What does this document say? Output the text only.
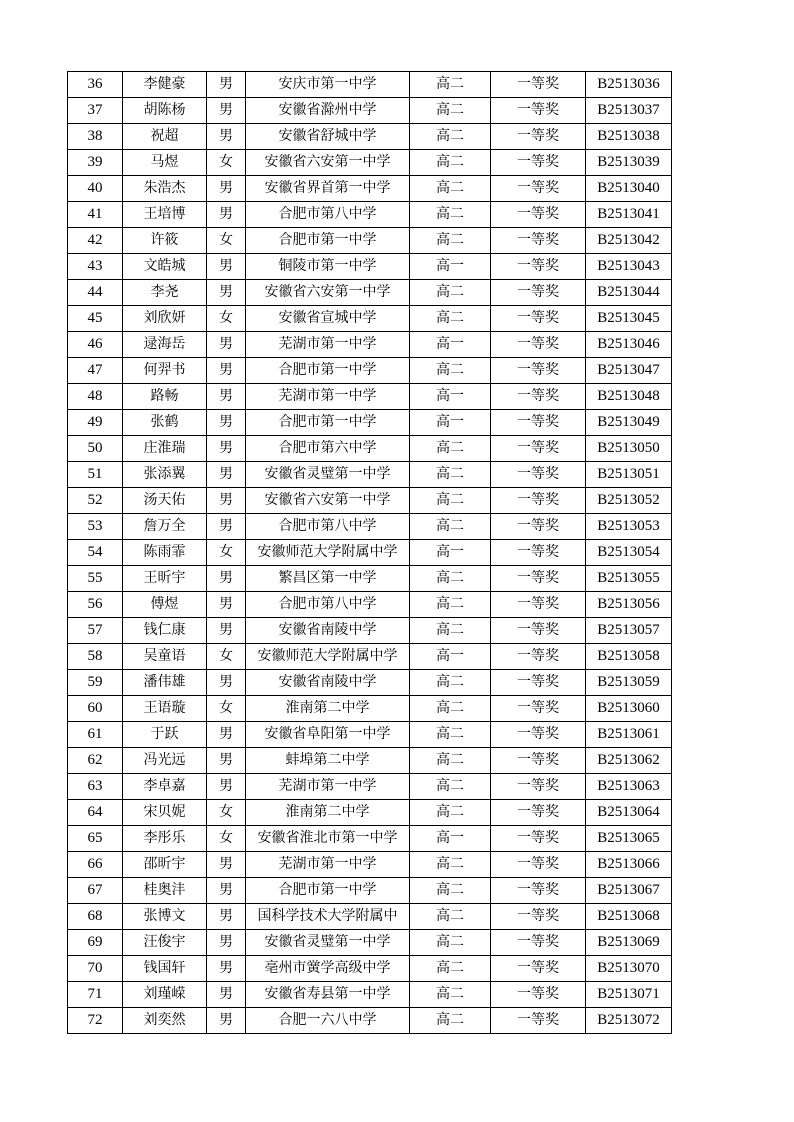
36	李健豪	男	安庆市第一中学	高二	一等奖	B2513036
37	胡陈杨	男	安徽省滁州中学	高二	一等奖	B2513037
38	祝超	男	安徽省舒城中学	高二	一等奖	B2513038
39	马煜	女	安徽省六安第一中学	高二	一等奖	B2513039
40	朱浩杰	男	安徽省界首第一中学	高二	一等奖	B2513040
41	王培博	男	合肥市第八中学	高二	一等奖	B2513041
42	许筱	女	合肥市第一中学	高二	一等奖	B2513042
43	文皓城	男	铜陵市第一中学	高一	一等奖	B2513043
44	李尧	男	安徽省六安第一中学	高二	一等奖	B2513044
45	刘欣妍	女	安徽省宣城中学	高二	一等奖	B2513045
46	逯海岳	男	芜湖市第一中学	高一	一等奖	B2513046
47	何羿书	男	合肥市第一中学	高二	一等奖	B2513047
48	路畅	男	芜湖市第一中学	高一	一等奖	B2513048
49	张鹤	男	合肥市第一中学	高一	一等奖	B2513049
50	庄淮瑞	男	合肥市第六中学	高二	一等奖	B2513050
51	张添翼	男	安徽省灵璧第一中学	高二	一等奖	B2513051
52	汤天佑	男	安徽省六安第一中学	高二	一等奖	B2513052
53	詹万全	男	合肥市第八中学	高二	一等奖	B2513053
54	陈雨霏	女	安徽师范大学附属中学	高一	一等奖	B2513054
55	王昕宇	男	繁昌区第一中学	高二	一等奖	B2513055
56	傅煜	男	合肥市第八中学	高二	一等奖	B2513056
57	钱仁康	男	安徽省南陵中学	高二	一等奖	B2513057
58	吴童语	女	安徽师范大学附属中学	高一	一等奖	B2513058
59	潘伟雄	男	安徽省南陵中学	高二	一等奖	B2513059
60	王语璇	女	淮南第二中学	高二	一等奖	B2513060
61	于跃	男	安徽省阜阳第一中学	高二	一等奖	B2513061
62	冯光远	男	蚌埠第二中学	高二	一等奖	B2513062
63	李卓嘉	男	芜湖市第一中学	高二	一等奖	B2513063
64	宋贝妮	女	淮南第二中学	高二	一等奖	B2513064
65	李彤乐	女	安徽省淮北市第一中学	高一	一等奖	B2513065
66	邵昕宇	男	芜湖市第一中学	高二	一等奖	B2513066
67	桂奥沣	男	合肥市第一中学	高二	一等奖	B2513067
68	张博文	男	国科学技术大学附属中	高二	一等奖	B2513068
69	汪俊宇	男	安徽省灵璧第一中学	高二	一等奖	B2513069
70	钱国轩	男	亳州市黉学高级中学	高二	一等奖	B2513070
71	刘瑾嵘	男	安徽省寿县第一中学	高二	一等奖	B2513071
72	刘奕然	男	合肥一六八中学	高二	一等奖	B2513072
